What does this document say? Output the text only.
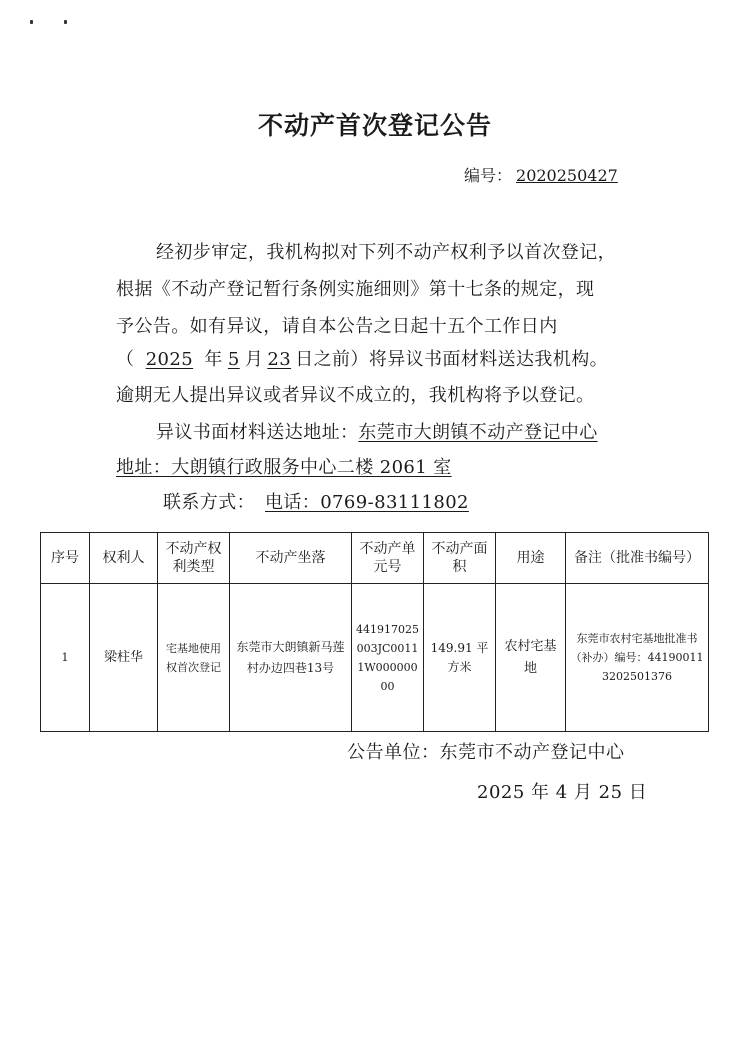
不动产首次登记公告
编号： 2020250427
经初步审定，我机构拟对下列不动产权利予以首次登记，
根据《不动产登记暂行条例实施细则》第十七条的规定，现
予公告。如有异议，请自本公告之日起十五个工作日内
（ 2025 年 5 月 23 日之前）将异议书面材料送达我机构。
逾期无人提出异议或者异议不成立的，我机构将予以登记。
异议书面材料送达地址：东莞市大朗镇不动产登记中心
地址：大朗镇行政服务中心二楼 2061 室
联系方式： 电话：0769-83111802
序号	权利人	不动产权利类型	不动产坐落	不动产单元号	不动产面积	用途	备注（批准书编号）
1	梁柱华	宅基地使用权首次登记	东莞市大朗镇新马莲村办边四巷13号	441917025003JC00111W00000000	149.91 平方米	农村宅基地	东莞市农村宅基地批准书（补办）编号：441900113202501376
公告单位：东莞市不动产登记中心
2025 年 4 月 25 日
